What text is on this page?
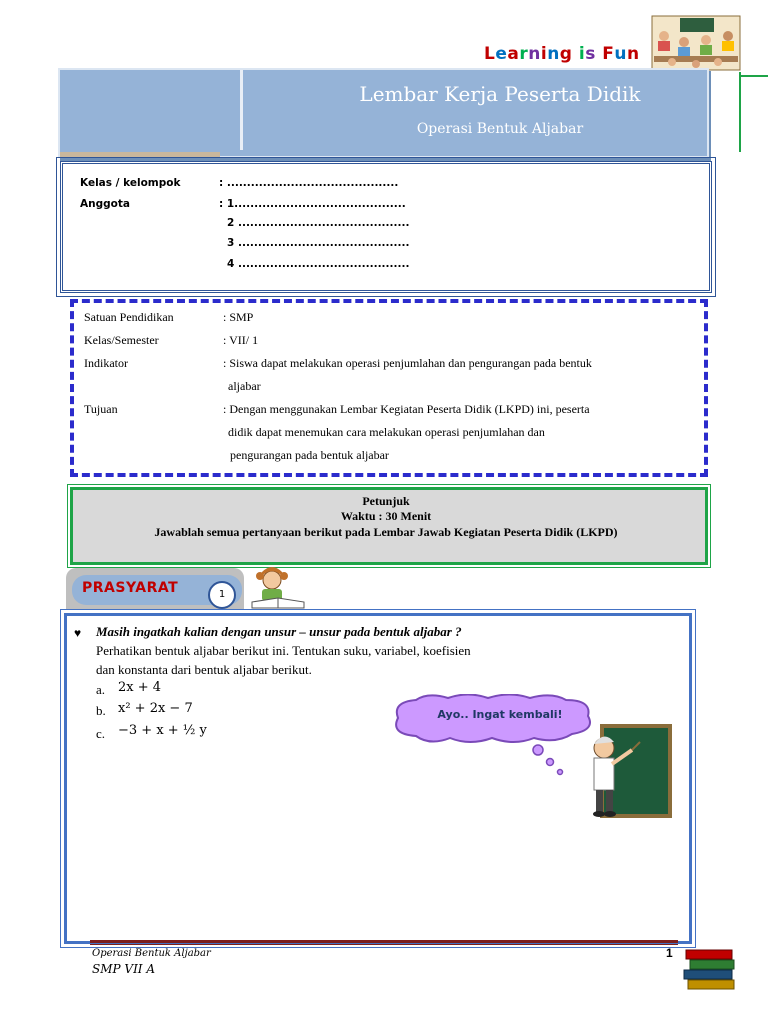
Learning is Fun
Lembar Kerja Peserta Didik
Operasi Bentuk Aljabar
Kelas / kelompok	: ...........................................
Anggota	: 1...........................................
2 ...........................................
3 ...........................................
4 ...........................................
Satuan Pendidikan	: SMP
Kelas/Semester	: VII/ 1
Indikator	: Siswa dapat melakukan operasi penjumlahan dan pengurangan pada bentuk
aljabar
Tujuan	: Dengan menggunakan Lembar Kegiatan Peserta Didik (LKPD) ini, peserta
didik dapat menemukan cara melakukan operasi penjumlahan dan
pengurangan pada bentuk aljabar
Petunjuk
Waktu : 30 Menit
Jawablah semua pertanyaan berikut pada Lembar Jawab Kegiatan Peserta Didik (LKPD)
PRASYARAT	1
♥ Masih ingatkah kalian dengan unsur – unsur pada bentuk aljabar ?
Perhatikan bentuk aljabar berikut ini. Tentukan suku, variabel, koefisien
dan konstanta dari bentuk aljabar berikut.
a. 2x + 4
b. x² + 2x − 7
c. −3 + x + ½ y
Ayo.. Ingat kembali!
Operasi Bentuk Aljabar	1
SMP VII A
